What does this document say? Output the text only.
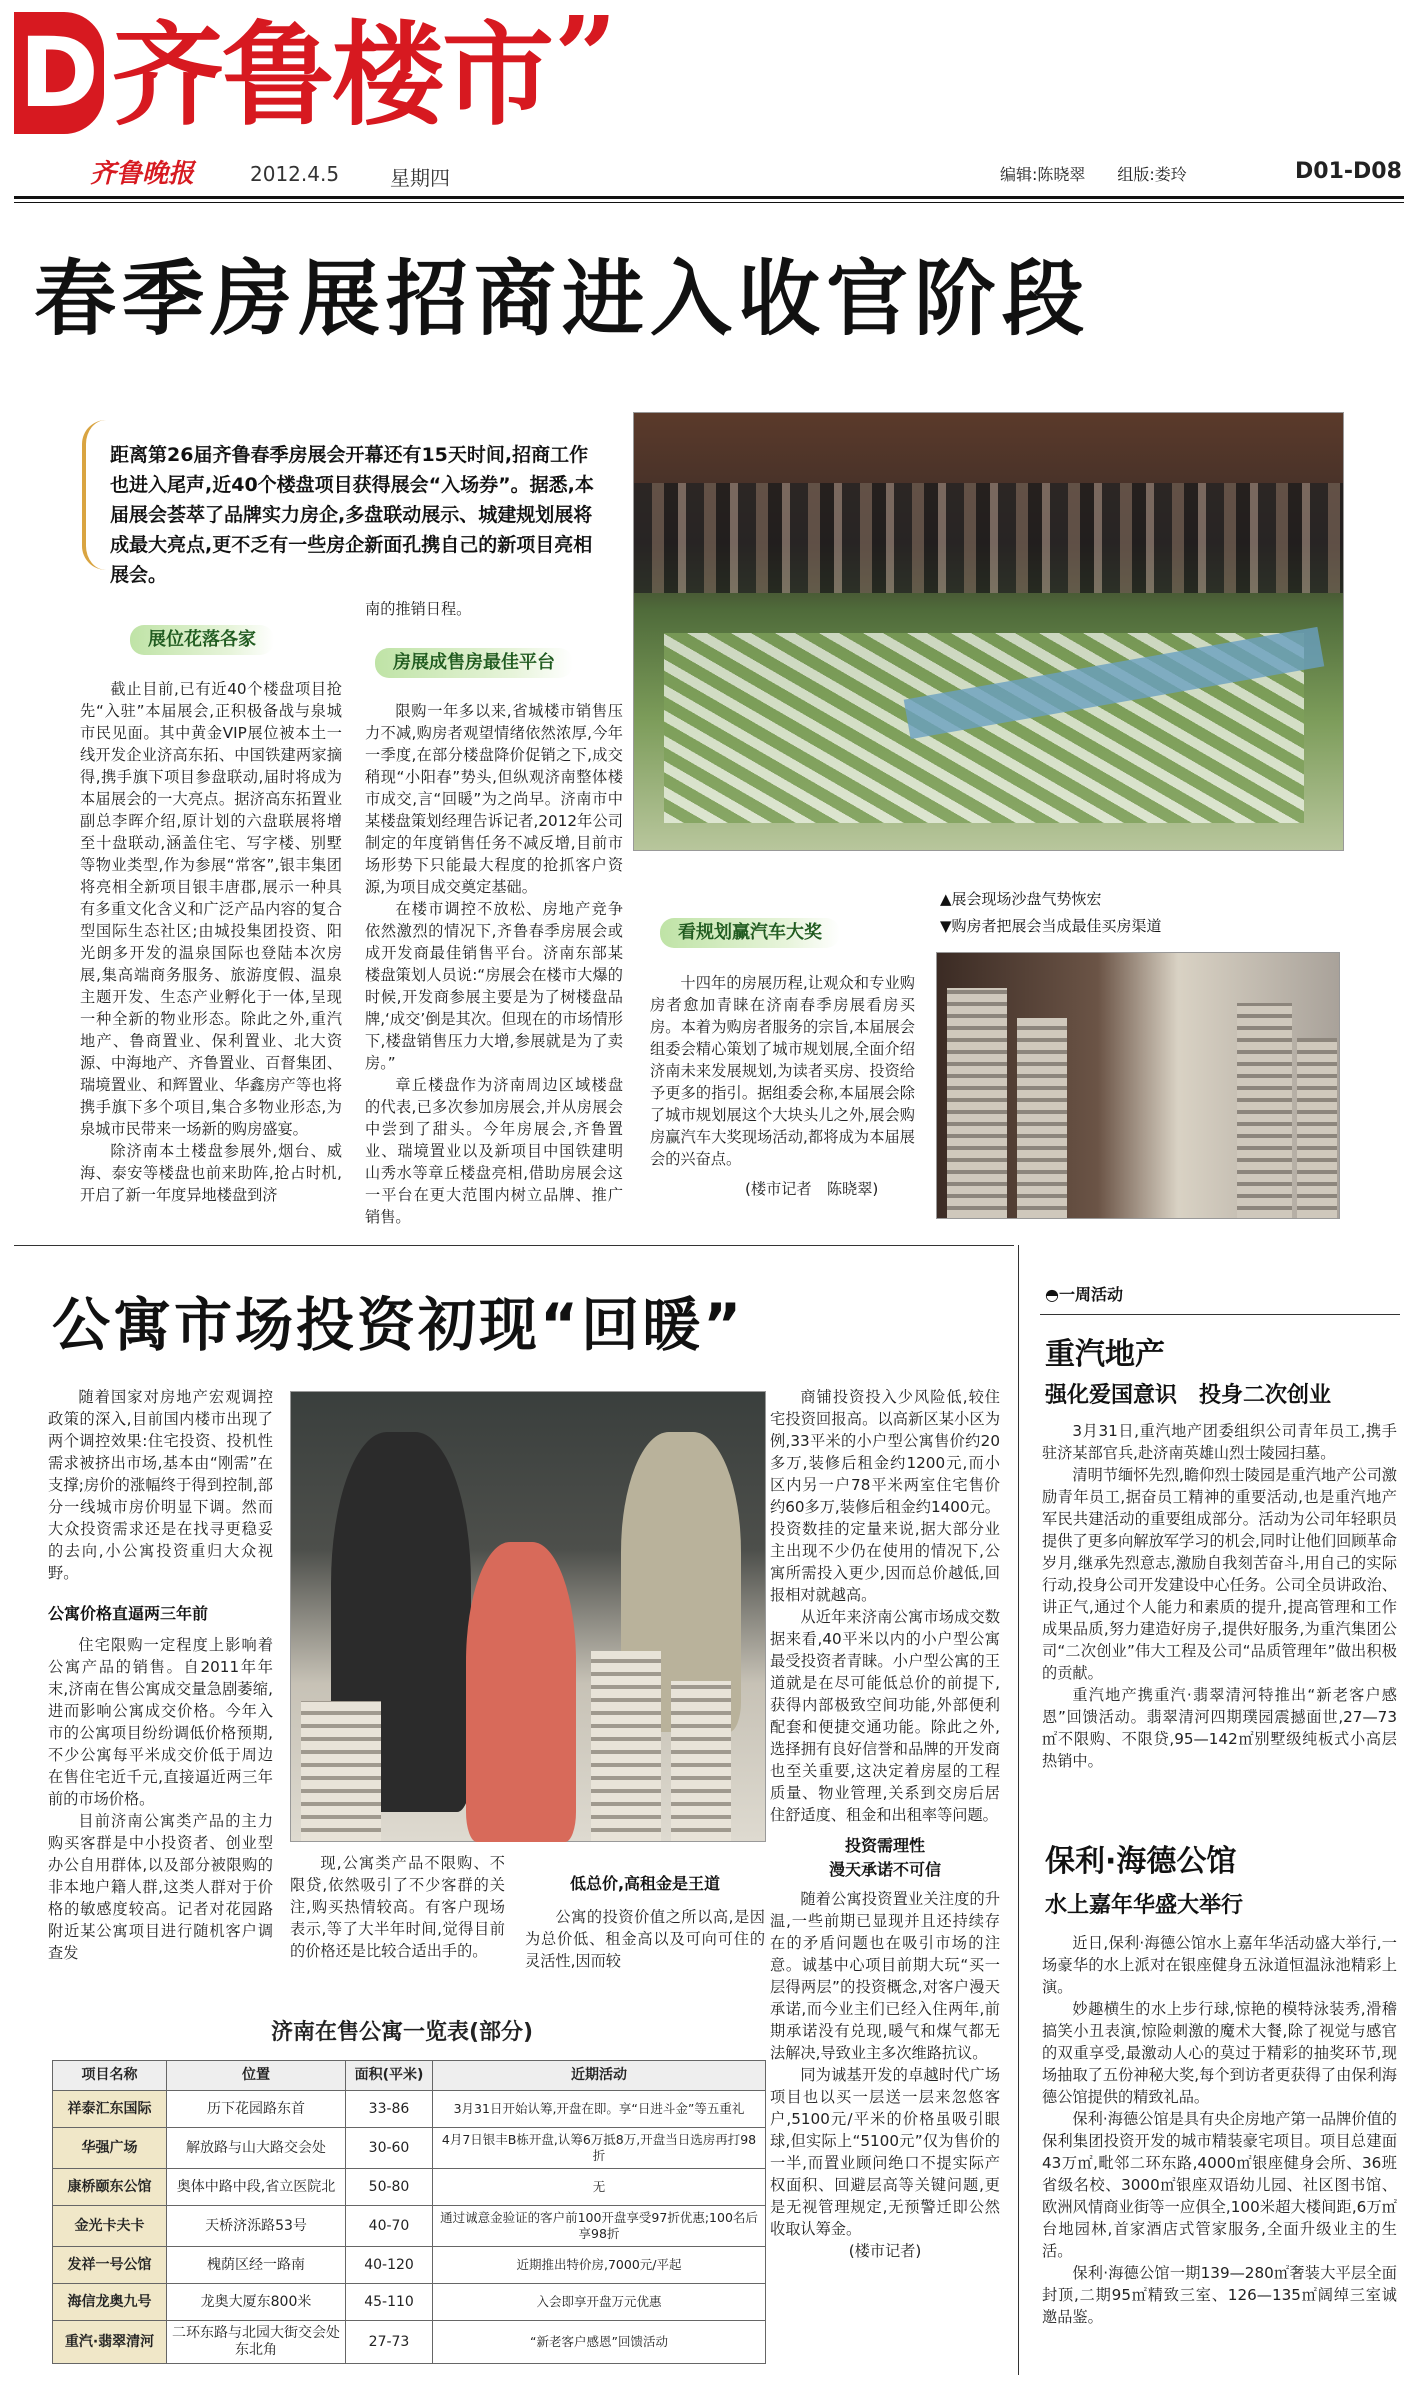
D 齐鲁楼市 ”
齐鲁晚报	2012.4.5	星期四	编辑:陈晓翠　　组版:娄玲	D01-D08
春季房展招商进入收官阶段
距离第26届齐鲁春季房展会开幕还有15天时间,招商工作也进入尾声,近40个楼盘项目获得展会“入场券”。据悉,本届展会荟萃了品牌实力房企,多盘联动展示、城建规划展将成最大亮点,更不乏有一些房企新面孔携自己的新项目亮相展会。
▲展会现场沙盘气势恢宏
▼购房者把展会当成最佳买房渠道
展位花落各家

截止目前,已有近40个楼盘项目抢先“入驻”本届展会,正积极备战与泉城市民见面。其中黄金VIP展位被本土一线开发企业济高东拓、中国铁建两家摘得,携手旗下项目参盘联动,届时将成为本届展会的一大亮点。据济高东拓置业副总李晖介绍,原计划的六盘联展将增至十盘联动,涵盖住宅、写字楼、别墅等物业类型,作为参展“常客”,银丰集团将亮相全新项目银丰唐郡,展示一种具有多重文化含义和广泛产品内容的复合型国际生态社区;由城投集团投资、阳光朗多开发的温泉国际也登陆本次房展,集高端商务服务、旅游度假、温泉主题开发、生态产业孵化于一体,呈现一种全新的物业形态。除此之外,重汽地产、鲁商置业、保利置业、北大资源、中海地产、齐鲁置业、百督集团、瑞境置业、和辉置业、华鑫房产等也将携手旗下多个项目,集合多物业形态,为泉城市民带来一场新的购房盛宴。

除济南本土楼盘参展外,烟台、威海、泰安等楼盘也前来助阵,抢占时机,开启了新一年度异地楼盘到济

南的推销日程。
房展成售房最佳平台

限购一年多以来,省城楼市销售压力不减,购房者观望情绪依然浓厚,今年一季度,在部分楼盘降价促销之下,成交稍现“小阳春”势头,但纵观济南整体楼市成交,言“回暖”为之尚早。济南市中某楼盘策划经理告诉记者,2012年公司制定的年度销售任务不减反增,目前市场形势下只能最大程度的抢抓客户资源,为项目成交奠定基础。

在楼市调控不放松、房地产竞争依然激烈的情况下,齐鲁春季房展会或成开发商最佳销售平台。济南东部某楼盘策划人员说:“房展会在楼市大爆的时候,开发商参展主要是为了树楼盘品牌,‘成交’倒是其次。但现在的市场情形下,楼盘销售压力大增,参展就是为了卖房。”

章丘楼盘作为济南周边区域楼盘的代表,已多次参加房展会,并从房展会中尝到了甜头。今年房展会,齐鲁置业、瑞境置业以及新项目中国铁建明山秀水等章丘楼盘亮相,借助房展会这一平台在更大范围内树立品牌、推广销售。

看规划赢汽车大奖

十四年的房展历程,让观众和专业购房者愈加青睐在济南春季房展看房买房。本着为购房者服务的宗旨,本届展会组委会精心策划了城市规划展,全面介绍济南未来发展规划,为读者买房、投资给予更多的指引。据组委会称,本届展会除了城市规划展这个大块头儿之外,展会购房赢汽车大奖现场活动,都将成为本届展会的兴奋点。

(楼市记者　陈晓翠)
公寓市场投资初现“回暖”

随着国家对房地产宏观调控政策的深入,目前国内楼市出现了两个调控效果:住宅投资、投机性需求被挤出市场,基本由“刚需”在支撑;房价的涨幅终于得到控制,部分一线城市房价明显下调。然而大众投资需求还是在找寻更稳妥的去向,小公寓投资重归大众视野。

公寓价格直逼两三年前

住宅限购一定程度上影响着公寓产品的销售。自2011年年末,济南在售公寓成交量急剧萎缩,进而影响公寓成交价格。今年入市的公寓项目纷纷调低价格预期,不少公寓每平米成交价低于周边在售住宅近千元,直接逼近两三年前的市场价格。

目前济南公寓类产品的主力购买客群是中小投资者、创业型办公自用群体,以及部分被限购的非本地户籍人群,这类人群对于价格的敏感度较高。记者对花园路附近某公寓项目进行随机客户调查发

现,公寓类产品不限购、不限贷,依然吸引了不少客群的关注,购买热情较高。有客户现场表示,等了大半年时间,觉得目前的价格还是比较合适出手的。

低总价,高租金是王道

公寓的投资价值之所以高,是因为总价低、租金高以及可向可住的灵活性,因而较

商铺投资投入少风险低,较住宅投资回报高。以高新区某小区为例,33平米的小户型公寓售价约20多万,装修后租金约1200元,而小区内另一户78平米两室住宅售价约60多万,装修后租金约1400元。投资数挂的定量来说,据大部分业主出现不少仍在使用的情况下,公寓所需投入更少,因而总价越低,回报相对就越高。

从近年来济南公寓市场成交数据来看,40平米以内的小户型公寓最受投资者青睐。小户型公寓的王道就是在尽可能低总价的前提下,获得内部极致空间功能,外部便利配套和便捷交通功能。除此之外,选择拥有良好信誉和品牌的开发商也至关重要,这决定着房屋的工程质量、物业管理,关系到交房后居住舒适度、租金和出租率等问题。

投资需理性
漫天承诺不可信

随着公寓投资置业关注度的升温,一些前期已显现并且还持续存在的矛盾问题也在吸引市场的注意。诚基中心项目前期大玩“买一层得两层”的投资概念,对客户漫天承诺,而今业主们已经入住两年,前期承诺没有兑现,暖气和煤气都无法解决,导致业主多次维路抗议。

同为诚基开发的卓越时代广场项目也以买一层送一层来忽悠客户,5100元/平米的价格虽吸引眼球,但实际上“5100元”仅为售价的一半,而置业顾问绝口不提实际产权面积、回避层高等关键问题,更是无视管理规定,无预警迁即公然收取认筹金。

(楼市记者)
济南在售公寓一览表(部分)
项目名称	位置	面积(平米)	近期活动
祥泰汇东国际	历下花园路东首	33-86	3月31日开始认筹,开盘在即。享“日进斗金”等五重礼
华强广场	解放路与山大路交会处	30-60	4月7日银丰B栋开盘,认筹6万抵8万,开盘当日选房再打98折
康桥颐东公馆	奥体中路中段,省立医院北	50-80	无
金光卡夫卡	天桥济泺路53号	40-70	通过诚意金验证的客户前100开盘享受97折优惠;100名后享98折
发祥一号公馆	槐荫区经一路南	40-120	近期推出特价房,7000元/平起
海信龙奥九号	龙奥大厦东800米	45-110	入会即享开盘万元优惠
重汽·翡翠清河	二环东路与北园大街交会处东北角	27-73	“新老客户感恩”回馈活动
◓一周活动
重汽地产
强化爱国意识　投身二次创业

3月31日,重汽地产团委组织公司青年员工,携手驻济某部官兵,赴济南英雄山烈士陵园扫墓。

清明节缅怀先烈,瞻仰烈士陵园是重汽地产公司激励青年员工,据奋员工精神的重要活动,也是重汽地产军民共建活动的重要组成部分。活动为公司年轻职员提供了更多向解放军学习的机会,同时让他们回顾革命岁月,继承先烈意志,激励自我刻苦奋斗,用自己的实际行动,投身公司开发建设中心任务。公司全员讲政治、讲正气,通过个人能力和素质的提升,提高管理和工作成果品质,努力建造好房子,提供好服务,为重汽集团公司“二次创业”伟大工程及公司“品质管理年”做出积极的贡献。

重汽地产携重汽·翡翠清河特推出“新老客户感恩”回馈活动。翡翠清河四期璞园震撼面世,27—73㎡不限购、不限贷,95—142㎡别墅级纯板式小高层热销中。

保利·海德公馆
水上嘉年华盛大举行

近日,保利·海德公馆水上嘉年华活动盛大举行,一场豪华的水上派对在银座健身五泳道恒温泳池精彩上演。

妙趣横生的水上步行球,惊艳的模特泳装秀,滑稽搞笑小丑表演,惊险刺激的魔术大餐,除了视觉与感官的双重享受,最激动人心的莫过于精彩的抽奖环节,现场抽取了五份神秘大奖,每个到访者更获得了由保利海德公馆提供的精致礼品。

保利·海德公馆是具有央企房地产第一品牌价值的保利集团投资开发的城市精装豪宅项目。项目总建面43万㎡,毗邻二环东路,4000㎡银座健身会所、36班省级名校、3000㎡银座双语幼儿园、社区图书馆、欧洲风情商业街等一应俱全,100米超大楼间距,6万㎡台地园林,首家酒店式管家服务,全面升级业主的生活。

保利·海德公馆一期139—280㎡奢装大平层全面封顶,二期95㎡精致三室、126—135㎡阔绰三室诚邀品鉴。
